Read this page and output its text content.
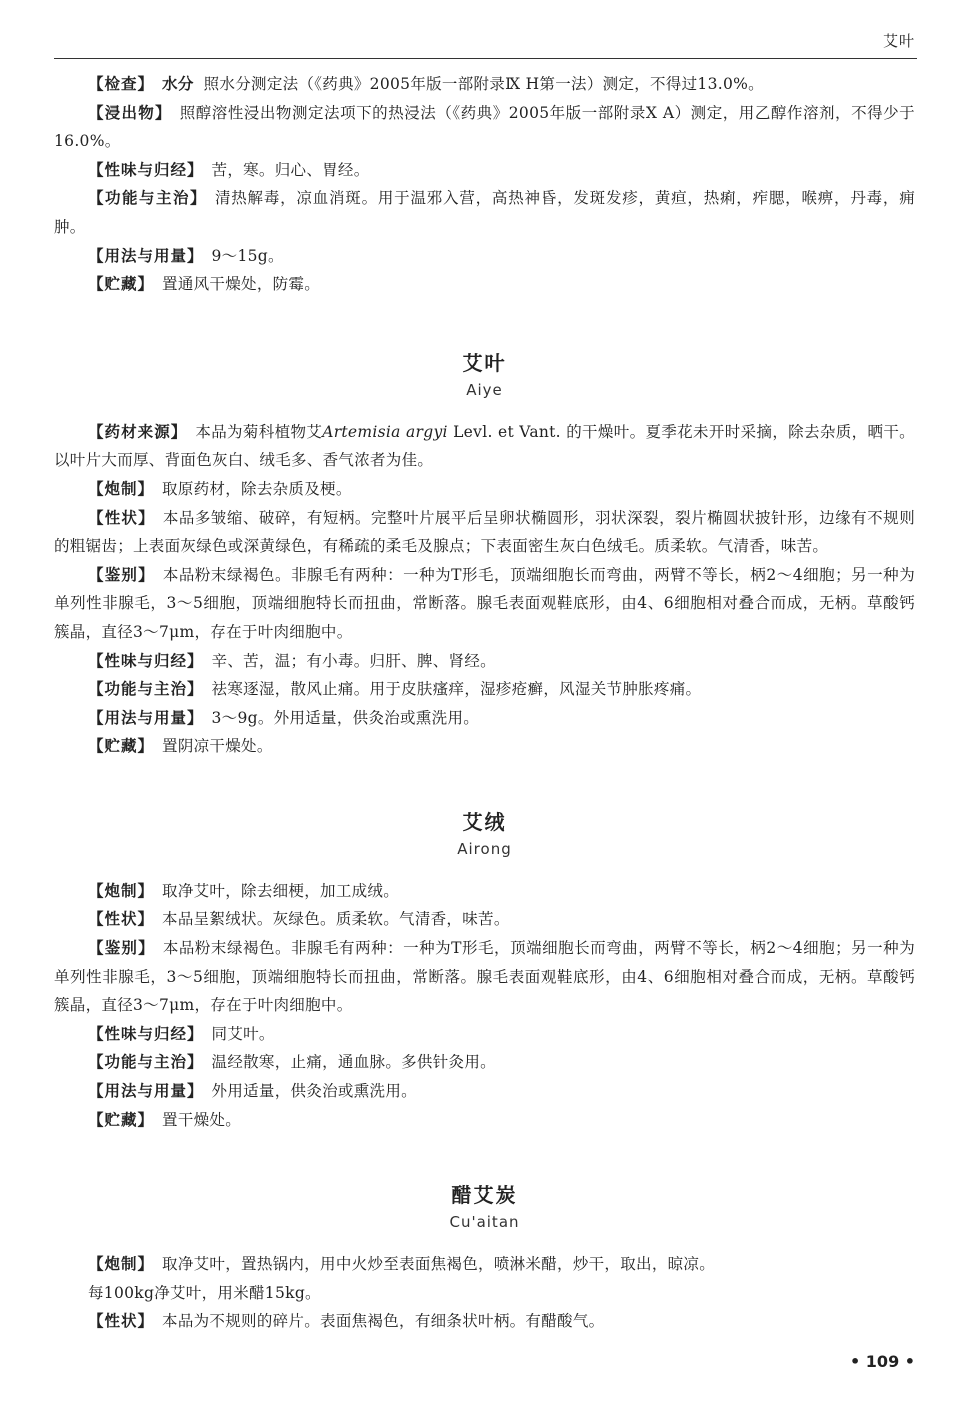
艾叶

【检查】 水分 照水分测定法（《药典》2005年版一部附录Ⅸ H第一法）测定，不得过13.0%。

【浸出物】 照醇溶性浸出物测定法项下的热浸法（《药典》2005年版一部附录Ⅹ A）测定，用乙醇作溶剂，不得少于16.0%。

【性味与归经】 苦，寒。归心、胃经。

【功能与主治】 清热解毒，凉血消斑。用于温邪入营，高热神昏，发斑发疹，黄疸，热痢，痄腮，喉痹，丹毒，痈肿。

【用法与用量】 9～15g。

【贮藏】 置通风干燥处，防霉。

艾叶

Aiye

【药材来源】 本品为菊科植物艾Artemisia argyi Levl. et Vant. 的干燥叶。夏季花未开时采摘，除去杂质，晒干。以叶片大而厚、背面色灰白、绒毛多、香气浓者为佳。

【炮制】 取原药材，除去杂质及梗。

【性状】 本品多皱缩、破碎，有短柄。完整叶片展平后呈卵状椭圆形，羽状深裂，裂片椭圆状披针形，边缘有不规则的粗锯齿；上表面灰绿色或深黄绿色，有稀疏的柔毛及腺点；下表面密生灰白色绒毛。质柔软。气清香，味苦。

【鉴别】 本品粉末绿褐色。非腺毛有两种：一种为T形毛，顶端细胞长而弯曲，两臂不等长，柄2～4细胞；另一种为单列性非腺毛，3～5细胞，顶端细胞特长而扭曲，常断落。腺毛表面观鞋底形，由4、6细胞相对叠合而成，无柄。草酸钙簇晶，直径3～7μm，存在于叶肉细胞中。

【性味与归经】 辛、苦，温；有小毒。归肝、脾、肾经。

【功能与主治】 祛寒逐湿，散风止痛。用于皮肤瘙痒，湿疹疮癣，风湿关节肿胀疼痛。

【用法与用量】 3～9g。外用适量，供灸治或熏洗用。

【贮藏】 置阴凉干燥处。

艾绒

Airong

【炮制】 取净艾叶，除去细梗，加工成绒。

【性状】 本品呈絮绒状。灰绿色。质柔软。气清香，味苦。

【鉴别】 本品粉末绿褐色。非腺毛有两种：一种为T形毛，顶端细胞长而弯曲，两臂不等长，柄2～4细胞；另一种为单列性非腺毛，3～5细胞，顶端细胞特长而扭曲，常断落。腺毛表面观鞋底形，由4、6细胞相对叠合而成，无柄。草酸钙簇晶，直径3～7μm，存在于叶肉细胞中。

【性味与归经】 同艾叶。

【功能与主治】 温经散寒，止痛，通血脉。多供针灸用。

【用法与用量】 外用适量，供灸治或熏洗用。

【贮藏】 置干燥处。

醋艾炭

Cu'aitan

【炮制】 取净艾叶，置热锅内，用中火炒至表面焦褐色，喷淋米醋，炒干，取出，晾凉。

每100kg净艾叶，用米醋15kg。

【性状】 本品为不规则的碎片。表面焦褐色，有细条状叶柄。有醋酸气。

• 109 •
